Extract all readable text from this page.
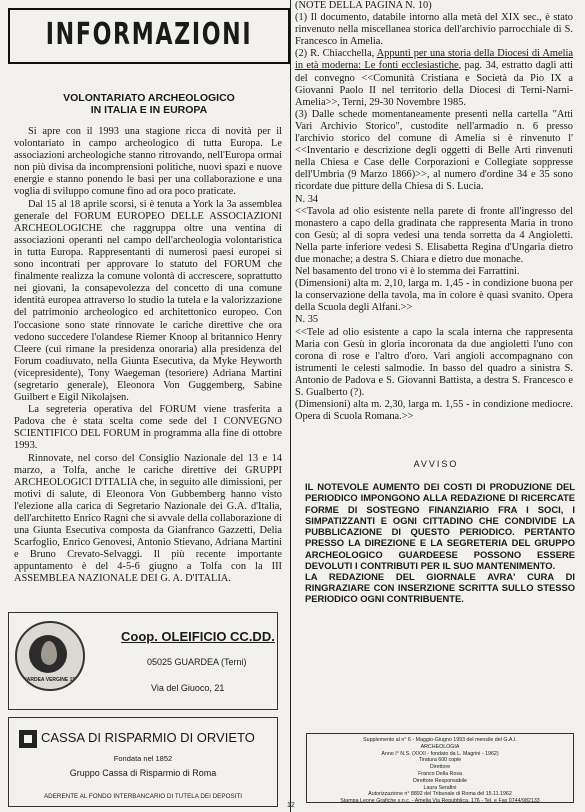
INFORMAZIONI
VOLONTARIATO ARCHEOLOGICO
IN ITALIA E IN EUROPA

Si apre con il 1993 una stagione ricca di novità per il volontariato in campo archeologico di tutta Europa. Le associazioni archeologiche stanno ritrovando, nell'Europa ormai non più divisa da incomprensioni politiche, nuovi spazi e nuove energie e stanno ponendo le basi per una collaborazione e una voglia di sviluppo comune fino ad ora poco praticate.

Dal 15 al 18 aprile scorsi, si è tenuta a York la 3a assemblea generale del FORUM EUROPEO DELLE ASSOCIAZIONI ARCHEOLOGICHE che raggruppa oltre una ventina di associazioni operanti nel campo dell'archeologia volontaristica in tutta Europa. Rappresentanti di numerosi paesi europei si sono incontrati per approvare lo statuto del FORUM che finalmente realizza la comune volontà di accrescere, soprattutto nei giovani, la consapevolezza del concetto di una comune identità europea attraverso lo studio la tutela e la valorizzazione del patrimonio archeologico ed architettonico europeo. Con l'occasione sono state rinnovate le cariche direttive che ora vedono succedere l'olandese Riemer Knoop al britannico Henry Cleere (cui rimane la presidenza onoraria) alla presidenza del Forum coadiuvato, nella Giunta Esecutiva, da Myke Heyworth (vicepresidente), Tony Waegeman (tesoriere) Adriana Martini (segretario generale), Eleonora Von Guggemberg, Sabine Guilbert e Eigil Nikolajsen.

La segreteria operativa del FORUM viene trasferita a Padova che è stata scelta come sede del I CONVEGNO SCIENTIFICO DEL FORUM in programma alla fine di ottobre 1993.

Rinnovate, nel corso del Consiglio Nazionale del 13 e 14 marzo, a Tolfa, anche le cariche direttive dei GRUPPI ARCHEOLOGICI D'ITALIA che, in seguito alle dimissioni, per motivi di salute, di Eleonora Von Gubbemberg hanno visto l'elezione alla carica di Segretario Nazionale dei G.A. d'Italia, dell'architetto Enrico Ragni che si avvale della collaborazione di una Giunta Esecutiva composta da Gianfranco Gazzetti, Delia Scarfoglio, Enrico Genovesi, Antonio Stievano, Adriana Martini e Bruno Crevato-Selvaggi. Il più recente importante appuntamento è del 4-5-6 giugno a Tolfa con la III ASSEMBLEA NAZIONALE DEI G. A. D'ITALIA.

GUARDEA VERGINE 1994
Coop. OLEIFICIO CC.DD.
05025 GUARDEA (Terni)
Via del Giuoco, 21
CASSA DI RISPARMIO DI ORVIETO
Fondata nel 1852
Gruppo Cassa di Risparmio di Roma
ADERENTE AL FONDO INTERBANCARIO DI TUTELA DEI DEPOSITI

(NOTE DELLA PAGINA N. 10)

(1) Il documento, databile intorno alla metà del XIX sec., è stato rinvenuto nella miscellanea storica dell'archivio parrocchiale di S. Francesco in Amelia.

(2) R. Chiacchella, Appunti per una storia della Diocesi di Amelia in età moderna: Le fonti ecclesiastiche, pag. 34, estratto dagli atti del convegno <<Comunità Cristiana e Società da Pio IX a Giovanni Paolo II nel territorio della Diocesi di Terni-Narni-Amelia>>, Terni, 29-30 Novembre 1985.

(3) Dalle schede momentaneamente presenti nella cartella "Atti Vari Archivio Storico", custodite nell'armadio n. 6 presso l'archivio storico del comune di Amelia si è rinvenuto l' <<Inventario e descrizione degli oggetti di Belle Arti rinvenuti nella Chiesa e Case delle Corporazioni e Collegiate soppresse dell'Umbria (9 Marzo 1866)>>, al numero d'ordine 34 e 35 sono ricordate due pitture della Chiesa di S. Lucia.

N. 34

<<Tavola ad olio esistente nella parete di fronte all'ingresso del monastero a capo della gradinata che rappresenta Maria in trono con Gesù; al di sopra vedesi una tenda sorretta da 4 Angioletti. Nella parte inferiore vedesi S. Elisabetta Regina d'Ungaria dietro due monache; a destra S. Chiara e dietro due monache.

Nel basamento del trono vi è lo stemma dei Farrattini.

(Dimensioni) alta m. 2,10, larga m. 1,45 - in condizione buona per la conservazione della tavola, ma in colore è quasi svanito. Opera della Scuola degli Alfani.>>

N. 35

<<Tele ad olio esistente a capo la scala interna che rappresenta Maria con Gesù in gloria incoronata da due angioletti l'uno con corona di rose e l'altro d'oro. Vari angioli accompagnano con istrumenti le celesti salmodie. In basso del quadro a sinistra S. Antonio de Padova e S. Giovanni Battista, a destra S. Francesco e S. Gualberto (?).

(Dimensioni) alta m. 2,30, larga m. 1,55 - in condizione mediocre. Opera di Scuola Romana.>>

AVVISO
IL NOTEVOLE AUMENTO DEI COSTI DI PRODUZIONE DEL PERIODICO IMPONGONO ALLA REDAZIONE DI RICERCATE FORME DI SOSTEGNO FINANZIARIO FRA I SOCI, I SIMPATIZZANTI E OGNI CITTADINO CHE CONDIVIDE LA PUBBLICAZIONE DI QUESTO PERIODICO. PERTANTO PRESSO LA DIREZIONE E LA SEGRETERIA DEL GRUPPO ARCHEOLOGICO GUARDEESE POSSONO ESSERE DEVOLUTI I CONTRIBUTI PER IL SUO MANTENIMENTO.
LA REDAZIONE DEL GIORNALE AVRA' CURA DI RINGRAZIARE CON INSERZIONE SCRITTA SULLO STESSO PERIODICO OGNI CONTRIBUENTE.
Supplemento al n° 6 - Maggio-Giugno 1993 del mensile del G.A.I.
ARCHEOLOGIA
Anno I° N.S. (XXXI - fondato da L. Magrini - 1962)
Tiratura 600 copie
Direttore
Franco Della Rosa
Direttore Responsabile
Laura Serafini
Autorizzazione n° 8892 del Tribunale di Roma del 15.11.1962
Stampa Leone Grafiche s.n.c. - Amelia Via Repubblica, 176 - Tel. e Fax 0744/982133
12
